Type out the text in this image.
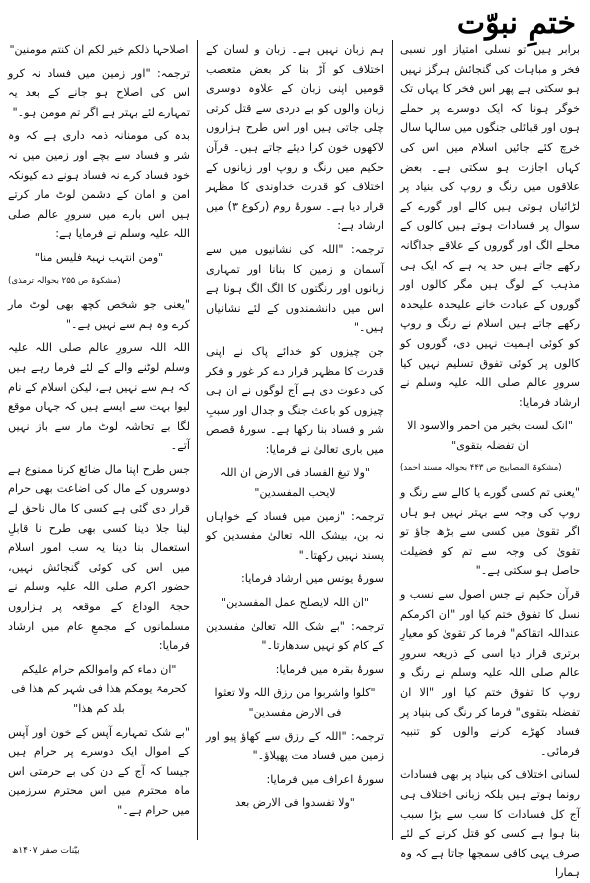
ختمِ نبوّت

برابر ہیں تو نسلی امتیاز اور نسبی فخر و مباہات کی گنجائش ہرگز نہیں ہو سکتی ہے پھر اس فخر کا یہاں تک خوگر ہونا کہ ایک دوسرے پر حملے ہوں اور قبائلی جنگوں میں سالہا سال خرچ کئے جائیں اسلام میں اس کی کہاں اجازت ہو سکتی ہے۔ بعض علاقوں میں رنگ و روپ کی بنیاد پر لڑائیاں ہوتی ہیں کالے اور گورے کے سوال پر فسادات ہوتے ہیں کالوں کے محلے الگ اور گوروں کے علاقے جداگانہ رکھے جاتے ہیں حد یہ ہے کہ ایک ہی مذہب کے لوگ ہیں مگر کالوں اور گوروں کے عبادت خانے علیحدہ علیحدہ رکھے جاتے ہیں اسلام نے رنگ و روپ کو کوئی اہمیت نہیں دی، گوروں کو کالوں پر کوئی تفوق تسلیم نہیں کیا سرورِ عالم صلی اللہ علیہ وسلم نے ارشاد فرمایا:

"انک لست بخیر من احمر والاسود الا ان تفضلہ بتقوی"

(مشکوۃ المصابیح ص ۴۴۳ بحوالہ مسند احمد)

"یعنی تم کسی گورے یا کالے سے رنگ و روپ کی وجہ سے بہتر نہیں ہو ہاں اگر تقویٰ میں کسی سے بڑھ جاؤ تو تقویٰ کی وجہ سے تم کو فضیلت حاصل ہو سکتی ہے۔"

قرآن حکیم نے جس اصول سے نسب و نسل کا تفوق ختم کیا اور "ان اکرمکم عنداللہ اتقاکم" فرما کر تقویٰ کو معیارِ برتری قرار دیا اسی کے ذریعہ سرورِ عالم صلی اللہ علیہ وسلم نے رنگ و روپ کا تفوق ختم کیا اور "الا ان تفضلہ بتقوی" فرما کر رنگ کی بنیاد پر فساد کھڑے کرنے والوں کو تنبیہ فرمائی۔

لسانی اختلاف کی بنیاد پر بھی فسادات رونما ہوتے ہیں بلکہ زبانی اختلاف ہی آج کل فسادات کا سب سے بڑا سبب بنا ہوا ہے کسی کو قتل کرنے کے لئے صرف یہی کافی سمجھا جاتا ہے کہ وہ ہمارا

ہم زبان نہیں ہے۔ زبان و لسان کے اختلاف کو آڑ بنا کر بعض متعصب قومیں اپنی زبان کے علاوہ دوسری زبان والوں کو بے دردی سے قتل کرتی چلی جاتی ہیں اور اس طرح ہزاروں لاکھوں خون کرا دیئے جاتے ہیں۔ قرآن حکیم میں رنگ و روپ اور زبانوں کے اختلاف کو قدرت خداوندی کا مظہر قرار دیا ہے۔ سورۂ روم (رکوع ۳) میں ارشاد ہے:

ترجمہ: "اللہ کی نشانیوں میں سے آسمان و زمین کا بنانا اور تمہاری زبانوں اور رنگتوں کا الگ الگ ہونا ہے اس میں دانشمندوں کے لئے نشانیاں ہیں۔"

جن چیزوں کو خدائے پاک نے اپنی قدرت کا مظہر قرار دے کر غور و فکر کی دعوت دی ہے آج لوگوں نے ان ہی چیزوں کو باعث جنگ و جدال اور سببِ شر و فساد بنا رکھا ہے۔ سورۂ قصص میں باری تعالیٰ نے فرمایا:

"ولا تبغ الفساد فی الارض ان اللہ لایحب المفسدین"

ترجمہ: "زمین میں فساد کے خواہاں نہ بن، بیشک اللہ تعالیٰ مفسدین کو پسند نہیں رکھتا۔"

سورۂ یونس میں ارشاد فرمایا:

"ان اللہ لایصلح عمل المفسدین"

ترجمہ: "بے شک اللہ تعالیٰ مفسدین کے کام کو نہیں سدھارتا۔"

سورۂ بقرہ میں فرمایا:

"کلوا واشربوا من رزق اللہ ولا تعثوا فی الارض مفسدین"

ترجمہ: "اللہ کے رزق سے کھاؤ پیو اور زمین میں فساد مت پھیلاؤ۔"

سورۂ اعراف میں فرمایا:

"ولا تفسدوا فی الارض بعد

اصلاحہا ذلکم خیر لکم ان کنتم مومنین"

ترجمہ: "اور زمین میں فساد نہ کرو اس کی اصلاح ہو جانے کے بعد یہ تمہارے لئے بہتر ہے اگر تم مومن ہو۔"

بدہ کی مومنانہ ذمہ داری ہے کہ وہ شر و فساد سے بچے اور زمین میں نہ خود فساد کرے نہ فساد ہونے دے کیونکہ امن و امان کے دشمن لوٹ مار کرتے ہیں اس بارے میں سرورِ عالم صلی اللہ علیہ وسلم نے فرمایا ہے:

"ومن انتہب نہبۃ فلیس منا"

(مشکوۃ ص ۲۵۵ بحوالہ ترمذی)

"یعنی جو شخص کچھ بھی لوٹ مار کرے وہ ہم سے نہیں ہے۔"

اللہ اللہ سرورِ عالم صلی اللہ علیہ وسلم لوٹنے والے کے لئے فرما رہے ہیں کہ ہم سے نہیں ہے، لیکن اسلام کے نام لیوا بہت سے ایسے ہیں کہ جہاں موقع لگا بے تحاشہ لوٹ مار سے باز نہیں آتے۔

جس طرح اپنا مال ضائع کرنا ممنوع ہے دوسروں کے مال کی اضاعت بھی حرام قرار دی گئی ہے کسی کا مال ناحق لے لینا جلا دینا کسی بھی طرح نا قابلِ استعمال بنا دینا یہ سب امور اسلام میں اس کی کوئی گنجائش نہیں، حضور اکرم صلی اللہ علیہ وسلم نے حجۃ الوداع کے موقعہ پر ہزاروں مسلمانوں کے مجمعِ عام میں ارشاد فرمایا:

"ان دماء کم واموالکم حرام علیکم کحرمۃ یومکم ھذا فی شہر کم ھذا فی بلد کم ھذا"

"بے شک تمہارے آپس کے خون اور آپس کے اموال ایک دوسرے پر حرام ہیں جیسا کہ آج کے دن کی بے حرمتی اس ماہ محترم میں اس محترم سرزمین میں حرام ہے۔"

بیّنات صفر ۱۴۰۷ھ
